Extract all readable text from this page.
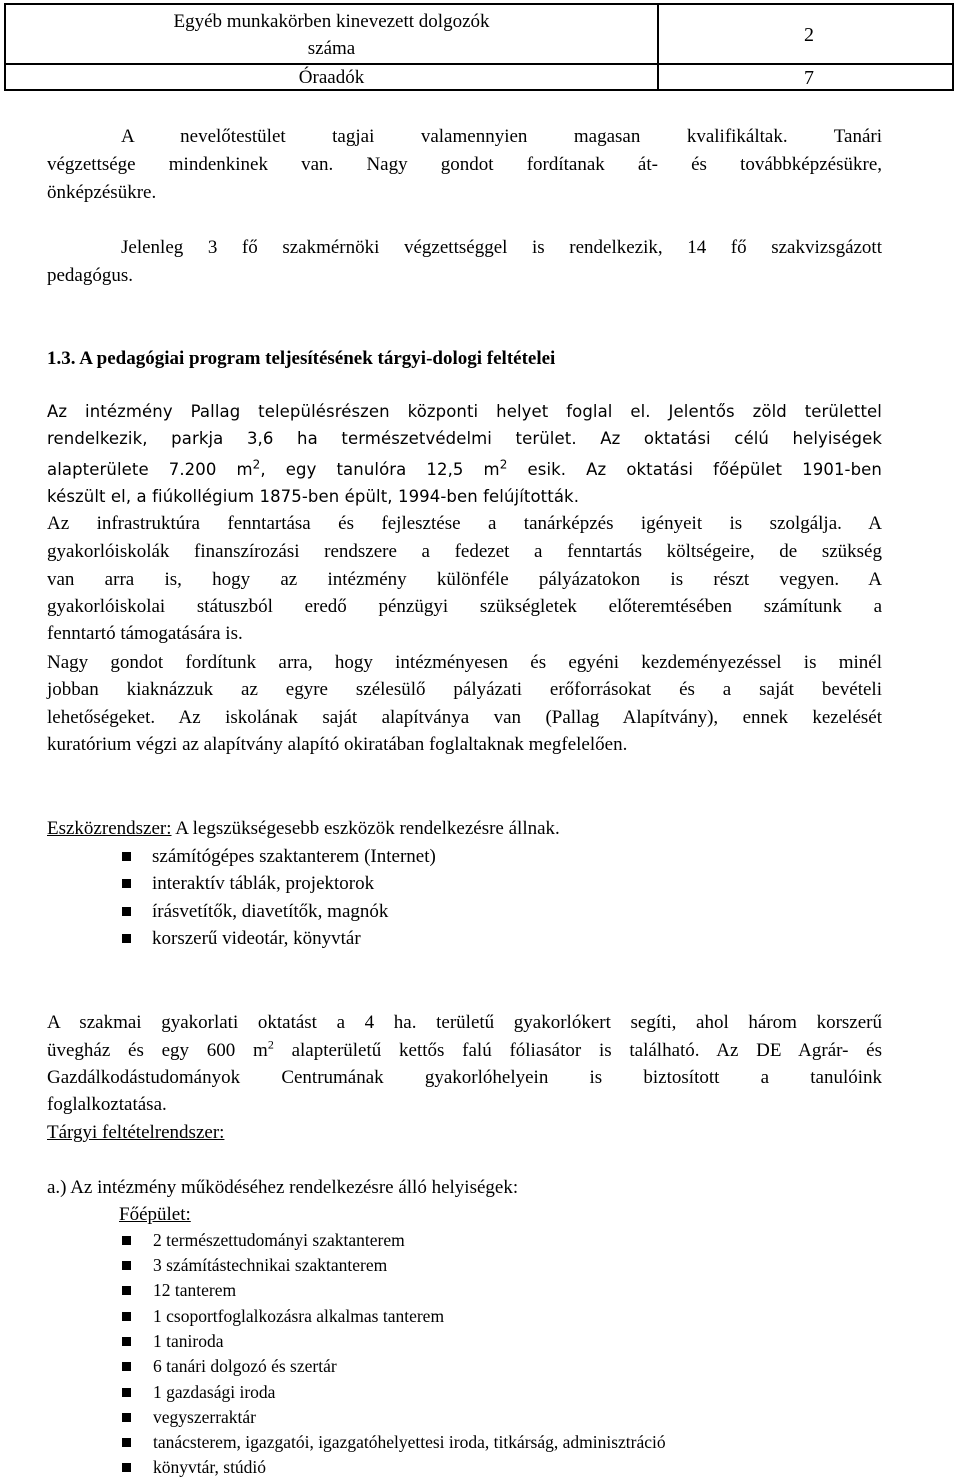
Egyéb munkakörben kinevezett dolgozók
száma
Óraadók
2
7

A nevelőtestület tagjai valamennyien magasan kvalifikáltak. Tanári

végzettsége mindenkinek van. Nagy gondot fordítanak át- és továbbképzésükre,

önképzésükre.

Jelenleg 3 fő szakmérnöki végzettséggel is rendelkezik, 14 fő szakvizsgázott

pedagógus.

1.3. A pedagógiai program teljesítésének tárgyi-dologi feltételei

Az intézmény Pallag településrészen központi helyet foglal el. Jelentős zöld területtel

rendelkezik, parkja 3,6 ha természetvédelmi terület. Az oktatási célú helyiségek

alapterülete 7.200 $m^2$, egy tanulóra 12,5 $m^2$ esik. Az oktatási főépület 1901-ben

készült el, a fiúkollégium 1875-ben épült, 1994-ben felújították.

Az infrastruktúra fenntartása és fejlesztése a tanárképzés igényeit is szolgálja. A

gyakorlóiskolák finanszírozási rendszere a fedezet a fenntartás költségeire, de szükség

van arra is, hogy az intézmény különféle pályázatokon is részt vegyen. A

gyakorlóiskolai státuszból eredő pénzügyi szükségletek előteremtésében számítunk a

fenntartó támogatására is.

Nagy gondot fordítunk arra, hogy intézményesen és egyéni kezdeményezéssel is minél

jobban kiaknázzuk az egyre szélesülő pályázati erőforrásokat és a saját bevételi

lehetőségeket. Az iskolának saját alapítványa van (Pallag Alapítvány), ennek kezelését

kuratórium végzi az alapítvány alapító okiratában foglaltaknak megfelelően.

Eszközrendszer: A legszükségesebb eszközök rendelkezésre állnak.

számítógépes szaktanterem (Internet)
interaktív táblák, projektorok
írásvetítők, diavetítők, magnók
korszerű videotár, könyvtár

A szakmai gyakorlati oktatást a 4 ha. területű gyakorlókert segíti, ahol három korszerű

üvegház és egy 600 $m^2$ alapterületű kettős falú fóliasátor is található. Az DE Agrár- és

Gazdálkodástudományok Centrumának gyakorlóhelyein is biztosított a tanulóink

foglalkoztatása.

Tárgyi feltételrendszer:

a.) Az intézmény működéséhez rendelkezésre álló helyiségek:

Főépület:

2 természettudományi szaktanterem
3 számítástechnikai szaktanterem
12 tanterem
1 csoportfoglalkozásra alkalmas tanterem
1 taniroda
6 tanári dolgozó és szertár
1 gazdasági iroda
vegyszerraktár
tanácsterem, igazgatói, igazgatóhelyettesi iroda, titkárság, adminisztráció
könyvtár, stúdió
